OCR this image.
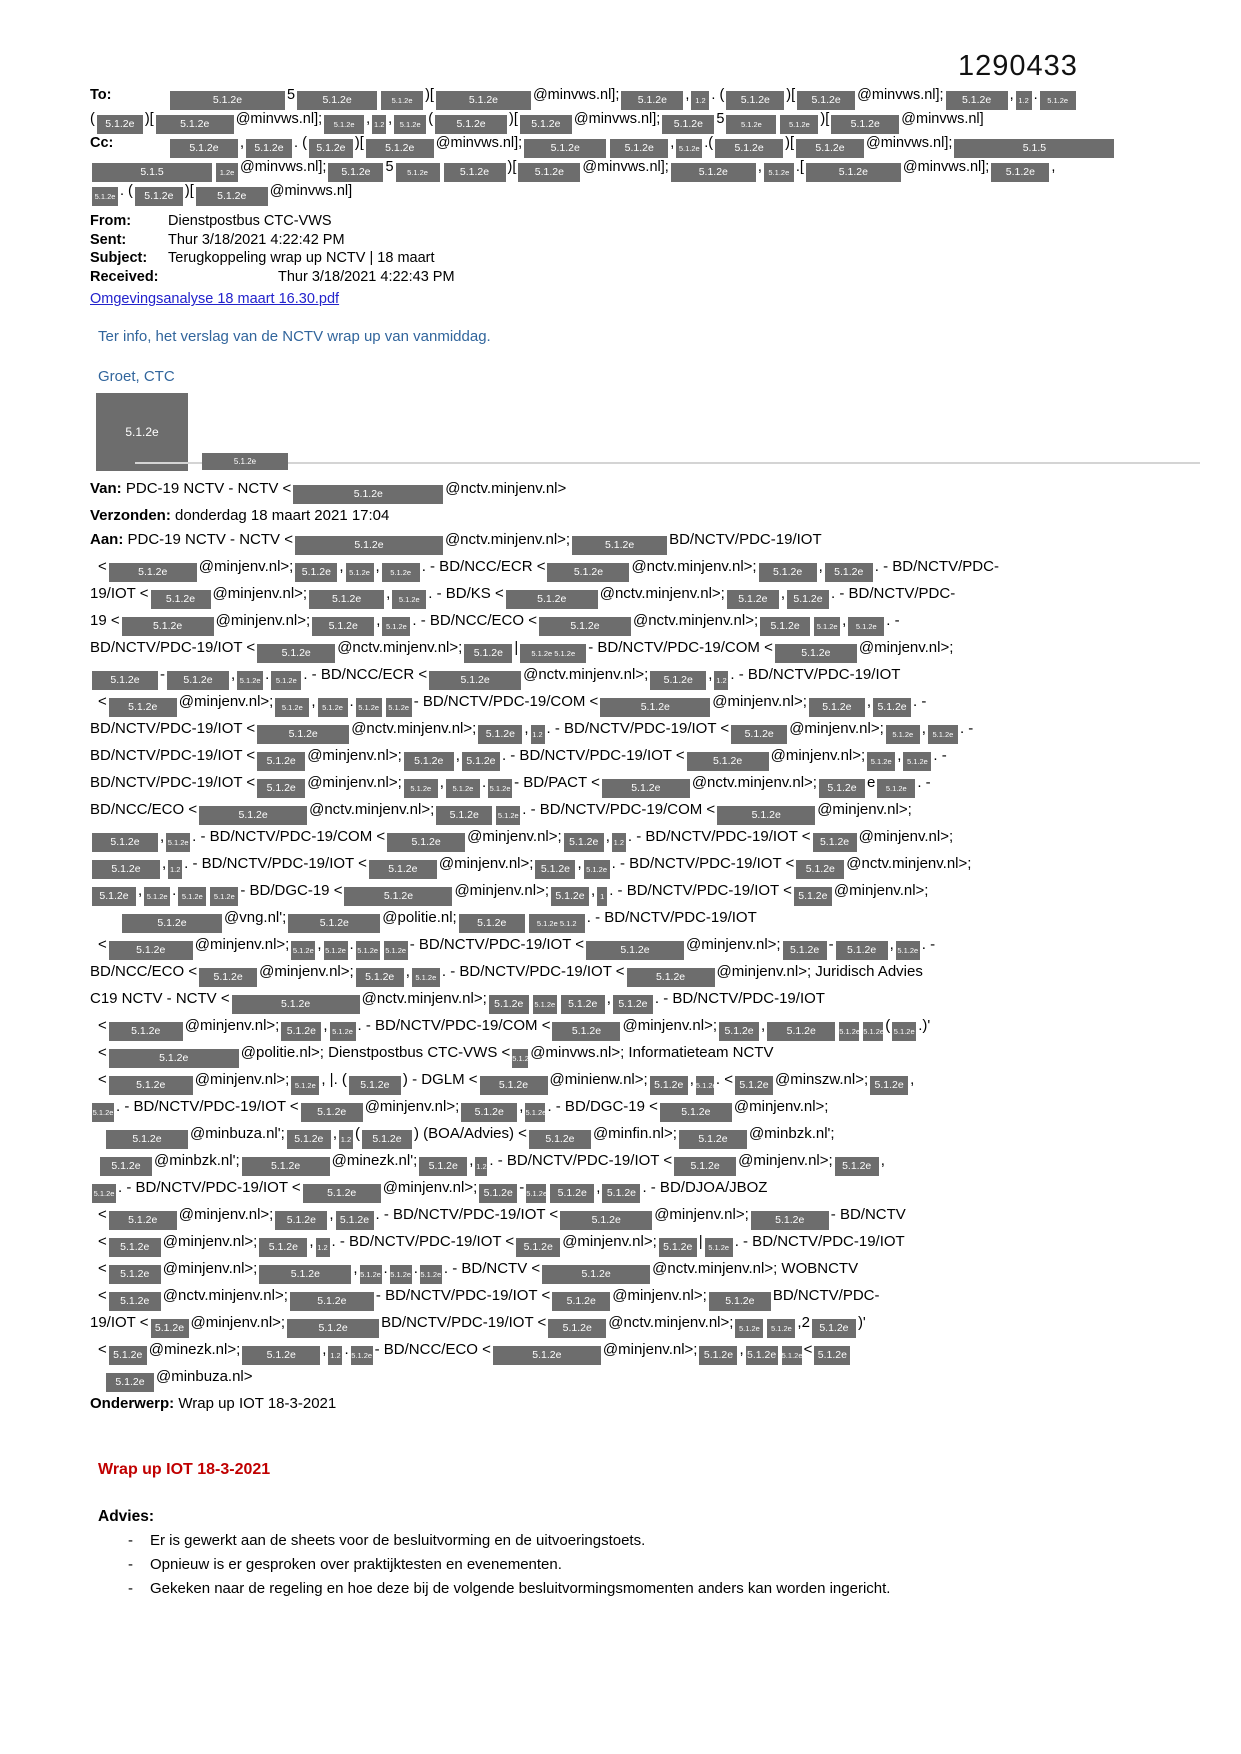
1290433
To:	5.1.2e	5	5.1.2e	5.1.2e )[	5.1.2e @minvws.nl]; 5.1.2e , 1.2 . ( 5.1.2e )[ 5.1.2e @minvws.nl]; 5.1.2e , 1.2 . 5.1.2e
( 5.1.2e )[	5.1.2e @minvws.nl]; 5.1.2e , 1.2 , 5.1.2e ( 5.1.2e )[ 5.1.2e @minvws.nl]; 5.1.2e 5 5.1.2e	5.1.2e )[ 5.1.2e @minvws.nl]
Cc:	5.1.2e , 5.1.2e . ( 5.1.2e )[ 5.1.2e @minvws.nl];	5.1.2e	5.1.2e , 5.1.2e .( 5.1.2e )[ 5.1.2e @minvws.nl];	5.1.5
5.1.5	1.2e @minvws.nl]; 5.1.2e 5 5.1.2e	5.1.2e )[ 5.1.2e @minvws.nl];	5.1.2e , 5.1.2e .[	5.1.2e @minvws.nl]; 5.1.2e ,
5.1.2e . ( 5.1.2e )[ 5.1.2e @minvws.nl]
From:	Dienstpostbus CTC-VWS
Sent:	Thur 3/18/2021 4:22:42 PM
Subject: Terugkoppeling wrap up NCTV | 18 maart
Received:	Thur 3/18/2021 4:22:43 PM
Omgevingsanalyse 18 maart 16.30.pdf
Ter info, het verslag van de NCTV wrap up van vanmiddag.
Groet, CTC
5.1.2e
5.1.2e
Van: PDC-19 NCTV - NCTV <	5.1.2e	@nctv.minjenv.nl>
Verzonden: donderdag 18 maart 2021 17:04
Aan: PDC-19 NCTV - NCTV <	5.1.2e	@nctv.minjenv.nl>;	5.1.2e BD/NCTV/PDC-19/IOT
<	5.1.2e @minjenv.nl>; 5.1.2e , 5.1.2e , 5.1.2e . - BD/NCC/ECR <	5.1.2e @nctv.minjenv.nl>; 5.1.2e , 5.1.2e . - BD/NCTV/PDC-
19/IOT < 5.1.2e @minjenv.nl>; 5.1.2e , 5.1.2e . - BD/KS <	5.1.2e @nctv.minjenv.nl>; 5.1.2e , 5.1.2e . - BD/NCTV/PDC-
19 <	5.1.2e @minjenv.nl>; 5.1.2e , 5.1.2e . - BD/NCC/ECO <	5.1.2e @nctv.minjenv.nl>; 5.1.2e 5.1.2e , 5.1.2e . -
BD/NCTV/PDC-19/IOT <	5.1.2e @nctv.minjenv.nl>; 5.1.2e | 5.1.2e 5.1.2e - BD/NCTV/PDC-19/COM <	5.1.2e @minjenv.nl>;
5.1.2e - 5.1.2e , 5.1.2e . 5.1.2e . - BD/NCC/ECR <	5.1.2e @nctv.minjenv.nl>; 5.1.2e , 1.2 . - BD/NCTV/PDC-19/IOT
< 5.1.2e @minjenv.nl>; 5.1.2e , 5.1.2e . 5.1.2e 5.1.2e - BD/NCTV/PDC-19/COM <	5.1.2e	@minjenv.nl>; 5.1.2e , 5.1.2e . -
BD/NCTV/PDC-19/IOT <	5.1.2e @nctv.minjenv.nl>; 5.1.2e , 1.2 . - BD/NCTV/PDC-19/IOT < 5.1.2e @minjenv.nl>; 5.1.2e , 5.1.2e . -
BD/NCTV/PDC-19/IOT < 5.1.2e @minjenv.nl>; 5.1.2e , 5.1.2e . - BD/NCTV/PDC-19/IOT <	5.1.2e @minjenv.nl>; 5.1.2e , 5.1.2e . -
BD/NCTV/PDC-19/IOT < 5.1.2e @minjenv.nl>; 5.1.2e , 5.1.2e . 5.1.2e - BD/PACT <	5.1.2e @nctv.minjenv.nl>; 5.1.2e e 5.1.2e . -
BD/NCC/ECO <	5.1.2e	@nctv.minjenv.nl>; 5.1.2e	5.1.2e . - BD/NCTV/PDC-19/COM <	5.1.2e @minjenv.nl>;
5.1.2e , 5.1.2e . - BD/NCTV/PDC-19/COM <	5.1.2e @minjenv.nl>; 5.1.2e , 1.2 . - BD/NCTV/PDC-19/IOT < 5.1.2e @minjenv.nl>;
5.1.2e , 1.2 . - BD/NCTV/PDC-19/IOT < 5.1.2e @minjenv.nl>; 5.1.2e , 5.1.2e . - BD/NCTV/PDC-19/IOT < 5.1.2e @nctv.minjenv.nl>;
5.1.2e , 5.1.2e . 5.1.2e 5.1.2e - BD/DGC-19 <	5.1.2e	@minjenv.nl>; 5.1.2e , 1 . - BD/NCTV/PDC-19/IOT < 5.1.2e @minjenv.nl>;
5.1.2e @vng.nl';	5.1.2e @politie.nl; 5.1.2e	5.1.2e 5.1.2 . - BD/NCTV/PDC-19/IOT
<	5.1.2e @minjenv.nl>; 5.1.2e , 5.1.2e . 5.1.2e 5.1.2e - BD/NCTV/PDC-19/IOT <	5.1.2e @minjenv.nl>; 5.1.2e - 5.1.2e , 5.1.2e . -
BD/NCC/ECO < 5.1.2e @minjenv.nl>; 5.1.2e , 5.1.2e . - BD/NCTV/PDC-19/IOT <	5.1.2e @minjenv.nl>; Juridisch Advies
C19 NCTV - NCTV <	5.1.2e	@nctv.minjenv.nl>; 5.1.2e 5.1.2e 5.1.2e , 5.1.2e . - BD/NCTV/PDC-19/IOT
< 5.1.2e @minjenv.nl>; 5.1.2e , 5.1.2e . - BD/NCTV/PDC-19/COM < 5.1.2e @minjenv.nl>; 5.1.2e , 5.1.2e	5.1.2e 5.1.2e( 5.1.2e .)'
<	5.1.2e	@politie.nl>; Dienstpostbus CTC-VWS < 5.1.2e@minvws.nl>; Informatieteam NCTV
<	5.1.2e @minjenv.nl>; 5.1.2e , |. ( 5.1.2e ) - DGLM < 5.1.2e @minienw.nl>; 5.1.2e , 5.1.2e. < 5.1.2e @minszw.nl>; 5.1.2e ,
5.1.2e . - BD/NCTV/PDC-19/IOT < 5.1.2e @minjenv.nl>; 5.1.2e , 5.1.2e. - BD/DGC-19 < 5.1.2e @minjenv.nl>;
5.1.2e @minbuza.nl'; 5.1.2e , 1.2 ( 5.1.2e ) (BOA/Advies) < 5.1.2e @minfin.nl>; 5.1.2e @minbzk.nl';
5.1.2e @minbzk.nl';	5.1.2e @minezk.nl'; 5.1.2e , 1.2 . - BD/NCTV/PDC-19/IOT < 5.1.2e @minjenv.nl>; 5.1.2e ,
5.1.2e . - BD/NCTV/PDC-19/IOT <	5.1.2e @minjenv.nl>; 5.1.2e - 5.1.2e 5.1.2e , 5.1.2e . - BD/DJOA/JBOZ
< 5.1.2e @minjenv.nl>; 5.1.2e , 5.1.2e . - BD/NCTV/PDC-19/IOT <	5.1.2e @minjenv.nl>;	5.1.2e - BD/NCTV
< 5.1.2e @minjenv.nl>; 5.1.2e , 1.2 . - BD/NCTV/PDC-19/IOT < 5.1.2e @minjenv.nl>; 5.1.2e | 5.1.2e . - BD/NCTV/PDC-19/IOT
< 5.1.2e @minjenv.nl>;	5.1.2e , 5.1.2e . 5.1.2e . 5.1.2e . - BD/NCTV <	5.1.2e	@nctv.minjenv.nl>; WOBNCTV
< 5.1.2e @nctv.minjenv.nl>;	5.1.2e - BD/NCTV/PDC-19/IOT < 5.1.2e @minjenv.nl>; 5.1.2e BD/NCTV/PDC-
19/IOT < 5.1.2e @minjenv.nl>;	5.1.2e BD/NCTV/PDC-19/IOT < 5.1.2e @nctv.minjenv.nl>; 5.1.2e 5.1.2e ,2 5.1.2e )'
< 5.1.2e @minezk.nl>;	5.1.2e , 1.2 . 5.1.2e - BD/NCC/ECO <	5.1.2e	@minjenv.nl>; 5.1.2e , 5.1.2e 5.1.2e< 5.1.2e
5.1.2e @minbuza.nl>
Onderwerp: Wrap up IOT 18-3-2021
Wrap up IOT 18-3-2021
Advies:
-	Er is gewerkt aan de sheets voor de besluitvorming en de uitvoeringstoets.
-	Opnieuw is er gesproken over praktijktesten en evenementen.
-	Gekeken naar de regeling en hoe deze bij de volgende besluitvormingsmomenten anders kan worden ingericht.
